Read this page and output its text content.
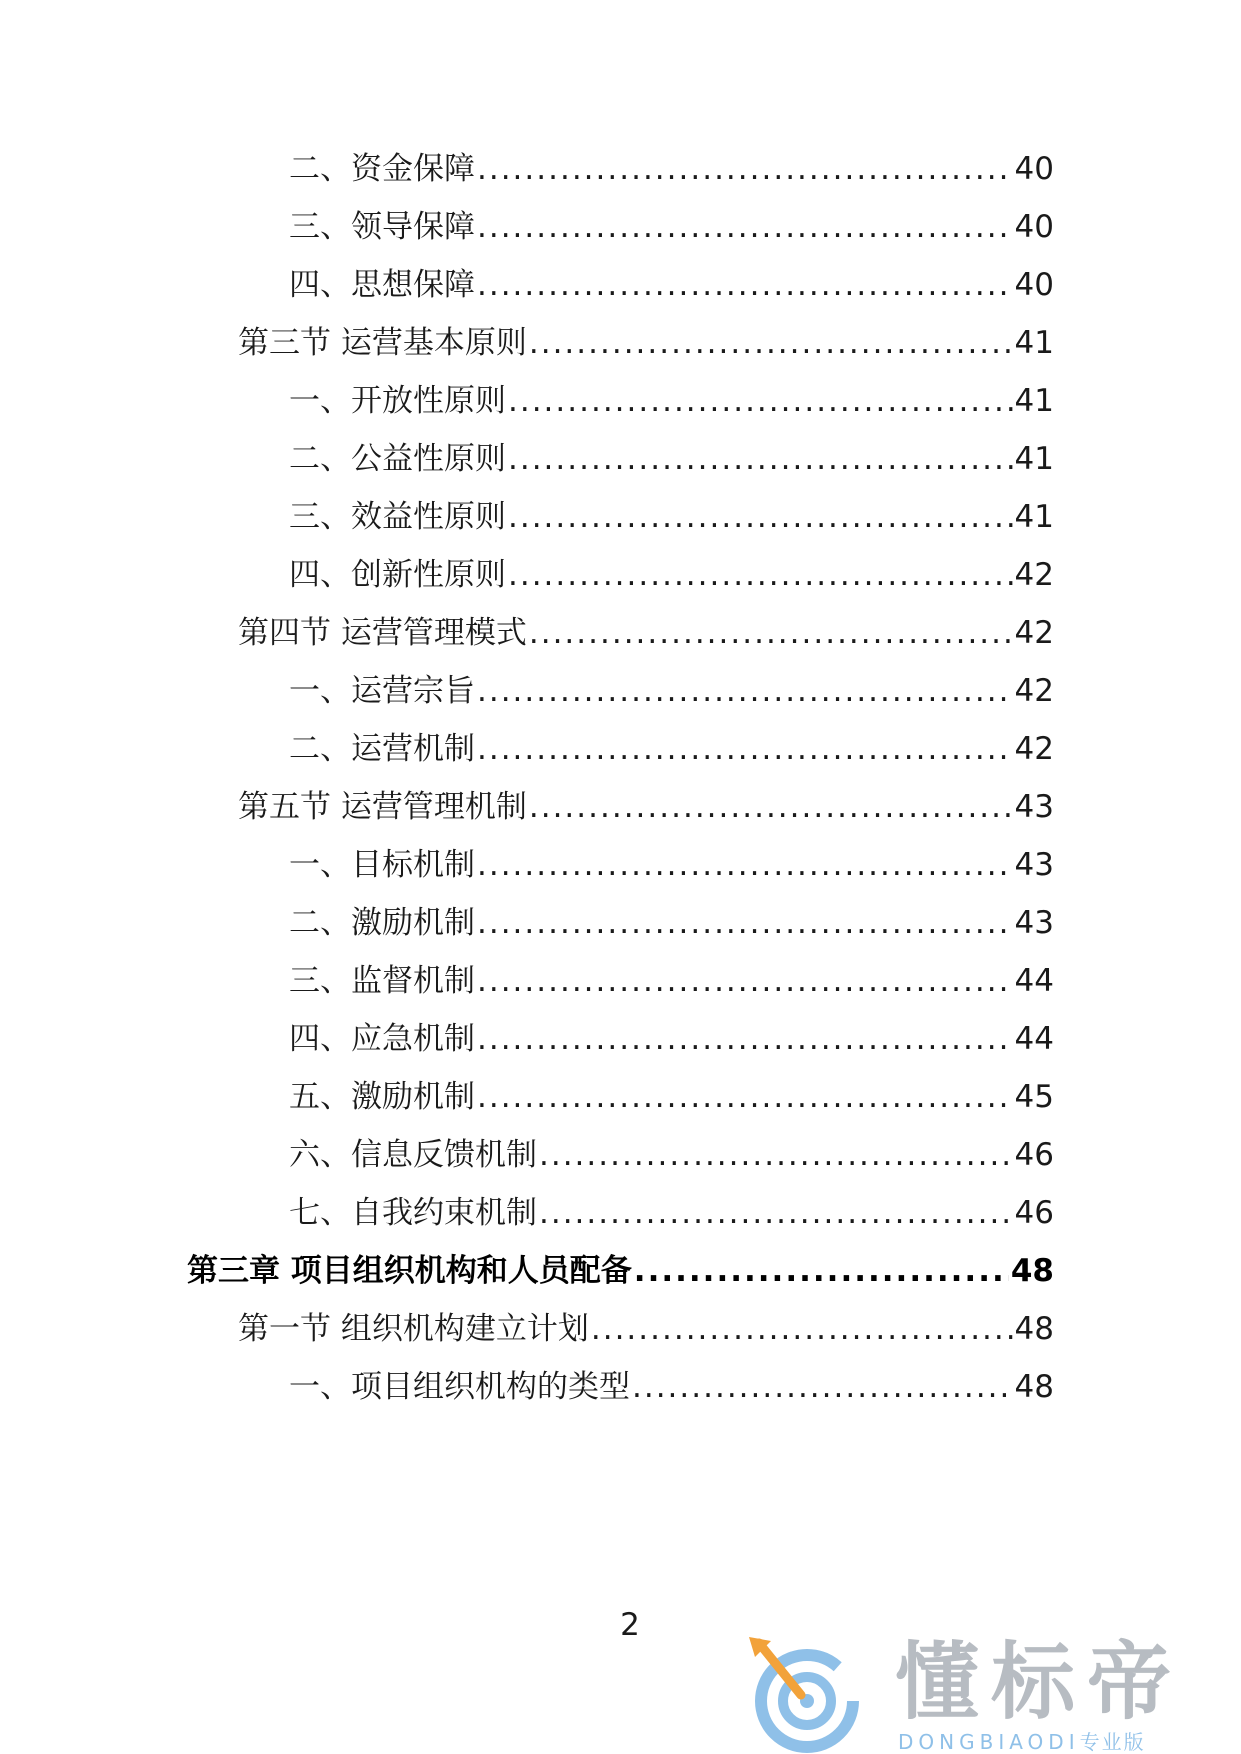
二、资金保障 .....	40
三、领导保障 .....	40
四、思想保障 .....	40
第三节 运营基本原则 .....	41
一、开放性原则 .....	41
二、公益性原则 .....	41
三、效益性原则 .....	41
四、创新性原则 .....	42
第四节 运营管理模式 .....	42
一、运营宗旨 .....	42
二、运营机制 .....	42
第五节 运营管理机制 .....	43
一、目标机制 .....	43
二、激励机制 .....	43
三、监督机制 .....	44
四、应急机制 .....	44
五、激励机制 .....	45
六、信息反馈机制 .....	46
七、自我约束机制 .....	46
第三章 项目组织机构和人员配备 .....	48
第一节 组织机构建立计划 .....	48
一、项目组织机构的类型 .....	48
2
懂标帝
DONGBIAODI专业版
